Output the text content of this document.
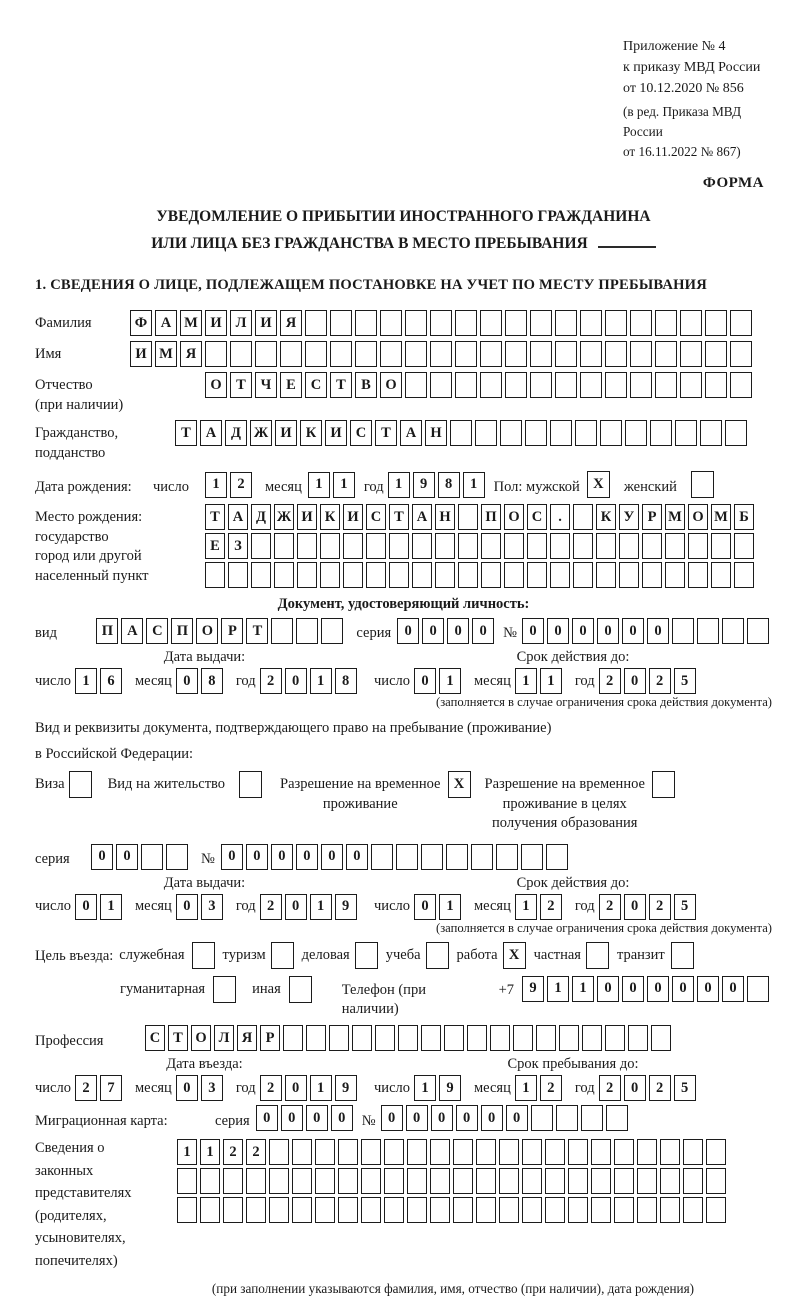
Приложение № 4
к приказу МВД России
от 10.12.2020 № 856
(в ред. Приказа МВД России
от 16.11.2022 № 867)
ФОРМА
УВЕДОМЛЕНИЕ О ПРИБЫТИИ ИНОСТРАННОГО ГРАЖДАНИНА
ИЛИ ЛИЦА БЕЗ ГРАЖДАНСТВА В МЕСТО ПРЕБЫВАНИЯ
1. СВЕДЕНИЯ О ЛИЦЕ, ПОДЛЕЖАЩЕМ ПОСТАНОВКЕ НА УЧЕТ ПО МЕСТУ ПРЕБЫВАНИЯ
Фамилия	Ф А М И Л И Я
Имя	И М Я
Отчество
(при наличии)
О	Т	Ч	Е	С	Т	В	О
Гражданство,
подданство
Т	А	Д Ж И К И С	Т	А Н
Дата рождения:	число	1	2	месяц 1	1	год 1	9	8	1	Пол: мужской X	женский
Место рождения:
государство
город или другой
населенный пункт
Т А Д Ж И К И С Т А Н	П О С	.	К У Р М О М Б
Е З
Документ, удостоверяющий личность:
вид	П А	С П О	Р	Т	серия 0	0	0	0	№ 0	0	0	0	0	0
Дата выдачи:
число 1	6	месяц 0	8	год 2	0	1	8
Срок действия до:
число 0	1	месяц 1	1	год 2	0	2	5
(заполняется в случае ограничения срока действия документа)
Вид и реквизиты документа, подтверждающего право на пребывание (проживание)
в Российской Федерации:
Виза	Вид на жительство	Разрешение на временное
проживание
X	Разрешение на временное
проживание в целях
получения образования
серия	0	0	№ 0	0	0	0	0	0
Дата выдачи:
число 0	1	месяц 0	3	год 2	0	1	9
Срок действия до:
число 0	1	месяц 1	2	год 2	0	2	5
(заполняется в случае ограничения срока действия документа)
Цель въезда: служебная	туризм деловая учеба работа X частная транзит
гуманитарная	иная	Телефон (при наличии)
+7	9	1	1	0	0	0	0	0	0
Профессия	С Т О Л Я Р
Дата въезда:
число 2	7	месяц 0	3	год 2	0	1	9
Срок пребывания до:
число 1	9	месяц 1	2	год 2	0	2	5
Миграционная карта:	серия 0	0	0	0	№ 0	0	0	0	0	0
Сведения о
законных
представителях
(родителях,
усыновителях,
попечителях)
1	1	2	2
(при заполнении указываются фамилия, имя, отчество (при наличии), дата рождения)
